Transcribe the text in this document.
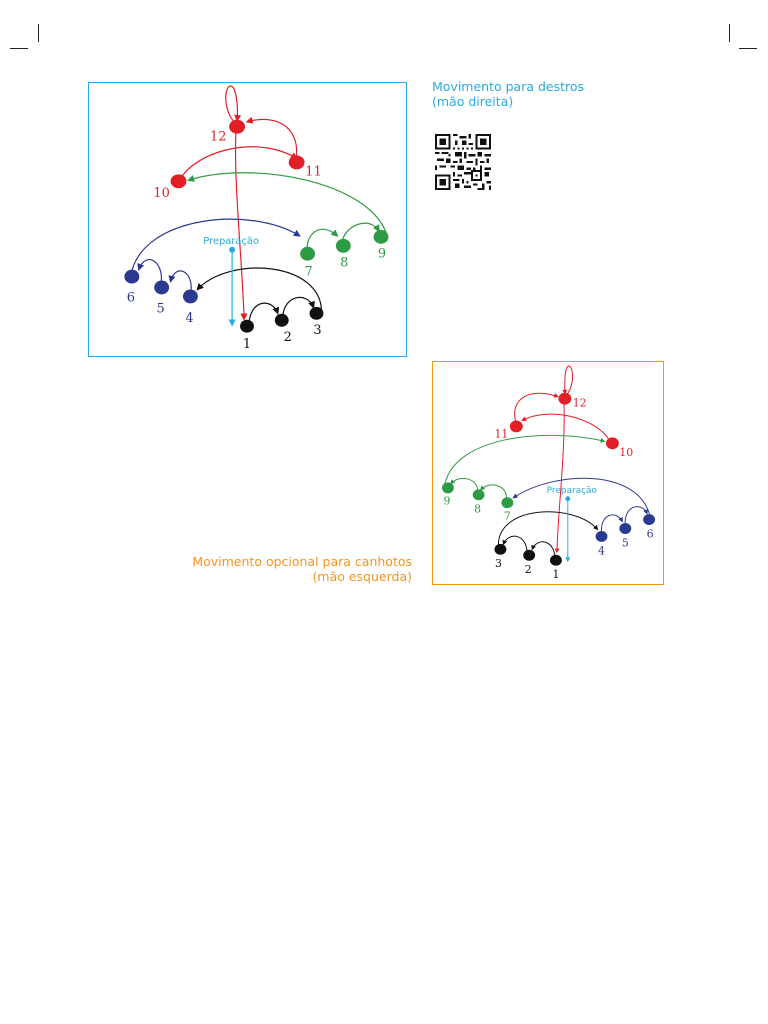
Preparação
1 2 3
4
5
6
7
8
9
10
11
12
Movimento para destros
(mão direita)
Preparação
1
2
3
4
5
6
7
8
9
10
11
12
Movimento opcional para canhotos
(mão esquerda)
